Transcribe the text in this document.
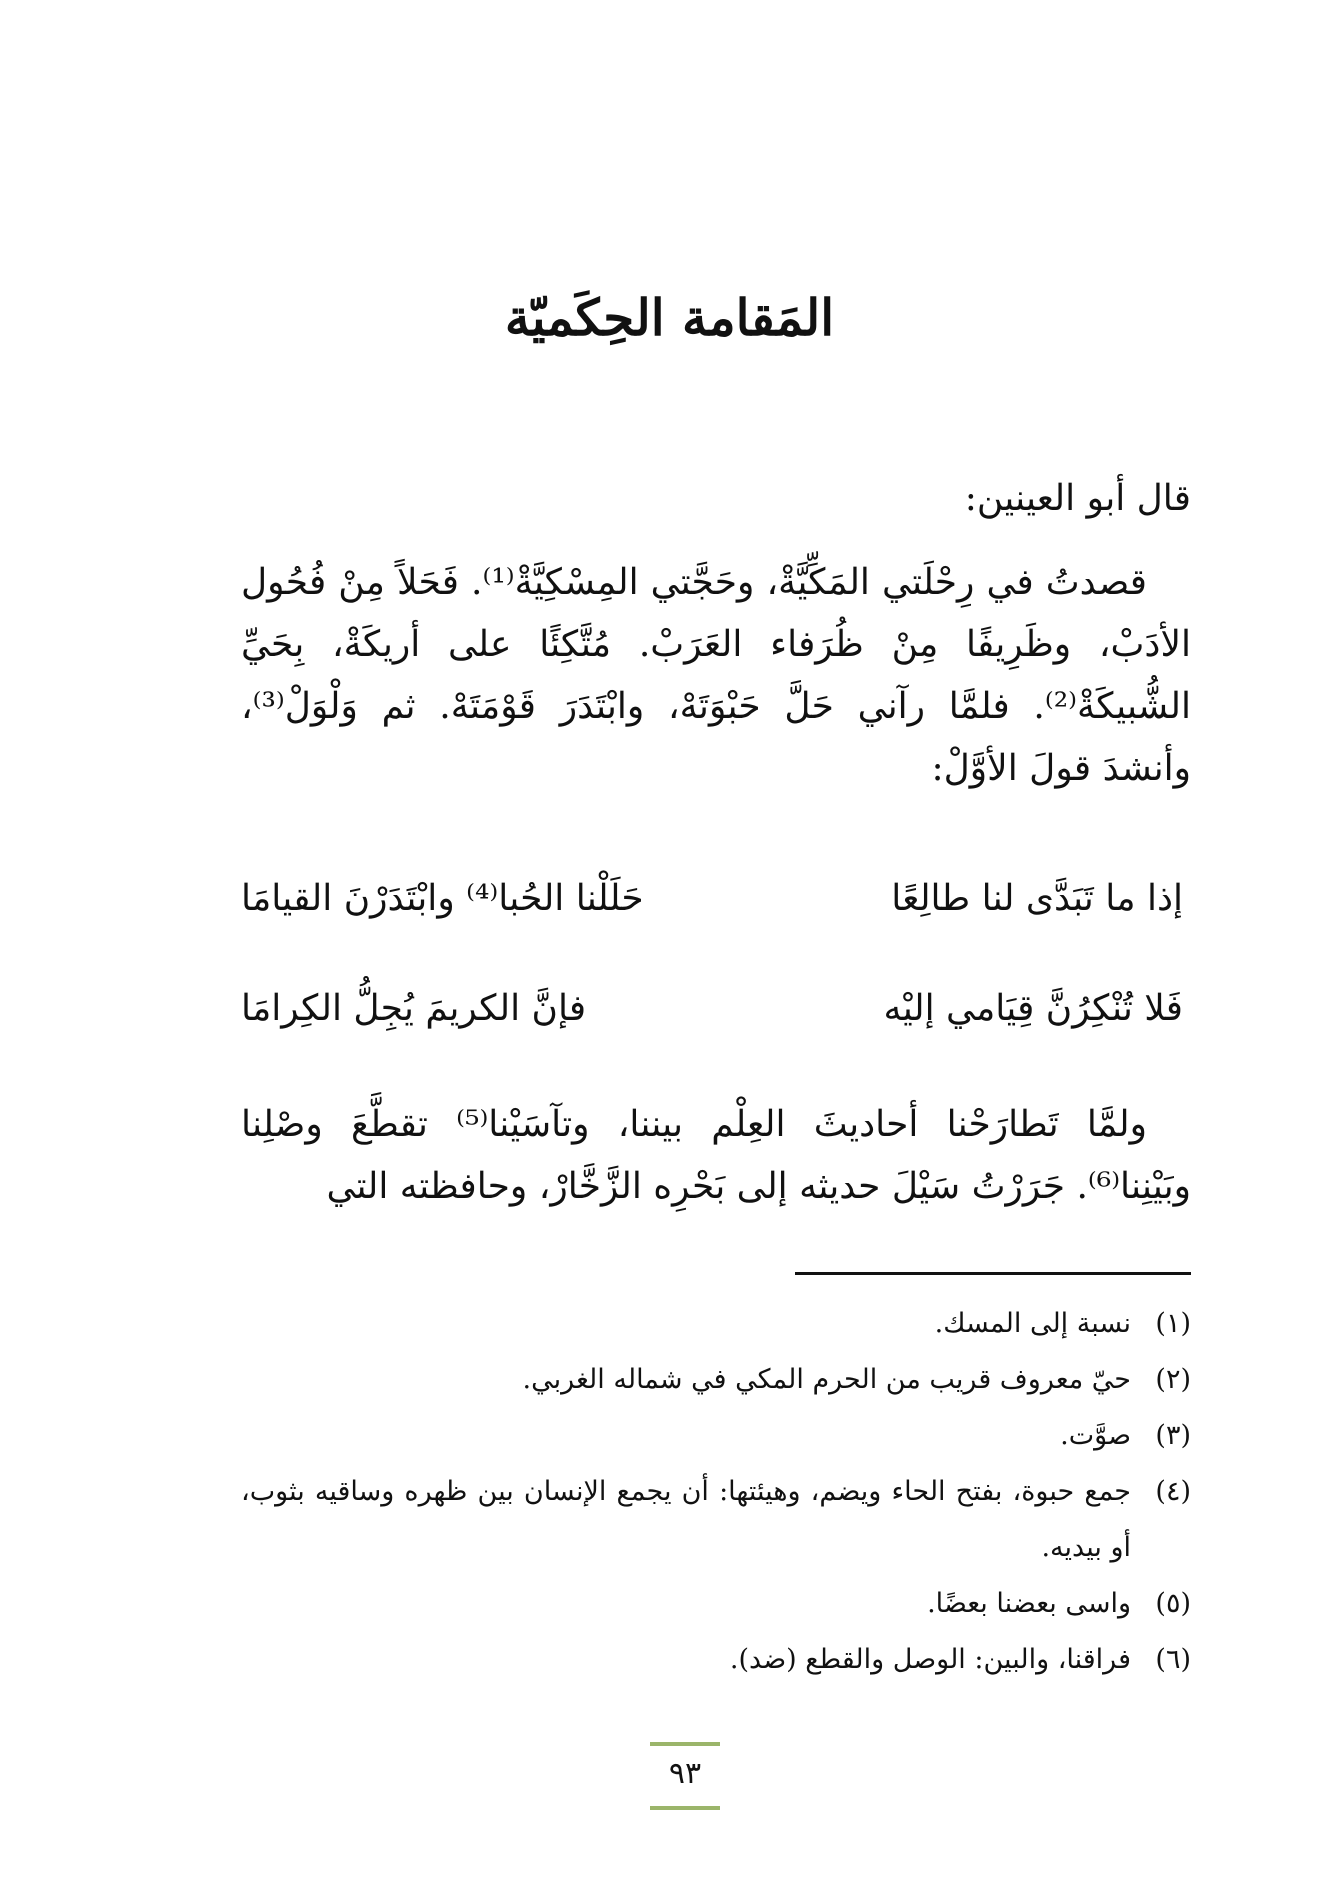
المَقامة الحِكَميّة

قال أبو العينين:

قصدتُ في رِحْلَتي المَكِّيَّةْ، وحَجَّتي المِسْكِيَّةْ⁽¹⁾. فَحَلاً مِنْ فُحُول الأدَبْ، وظَرِيفًا مِنْ ظُرَفاء العَرَبْ. مُتَّكِئًا على أريكَةْ، بِحَيِّ الشُّبيكَةْ⁽²⁾. فلمَّا رآني حَلَّ حَبْوَتَهْ، وابْتَدَرَ قَوْمَتَهْ. ثم وَلْوَلْ⁽³⁾، وأنشدَ قولَ الأوَّلْ:

إذا ما تَبَدَّى لنا طالِعًا
حَلَلْنا الحُبا⁽⁴⁾ وابْتَدَرْنَ القيامَا
فَلا تُنْكِرُنَّ قِيَامي إليْه
فإنَّ الكريمَ يُجِلُّ الكِرامَا

ولمَّا تَطارَحْنا أحاديثَ العِلْم بيننا، وتآسَيْنا⁽⁵⁾ تقطَّعَ وصْلِنا وبَيْنِنا⁽⁶⁾. جَرَرْتُ سَيْلَ حديثه إلى بَحْرِه الزَّخَّارْ، وحافظته التي

(١)
نسبة إلى المسك.
(٢)
حيّ معروف قريب من الحرم المكي في شماله الغربي.
(٣)
صوَّت.
(٤)
جمع حبوة، بفتح الحاء ويضم، وهيئتها: أن يجمع الإنسان بين ظهره وساقيه بثوب، أو بيديه.
(٥)
واسى بعضنا بعضًا.
(٦)
فراقنا، والبين: الوصل والقطع (ضد).
٩٣
